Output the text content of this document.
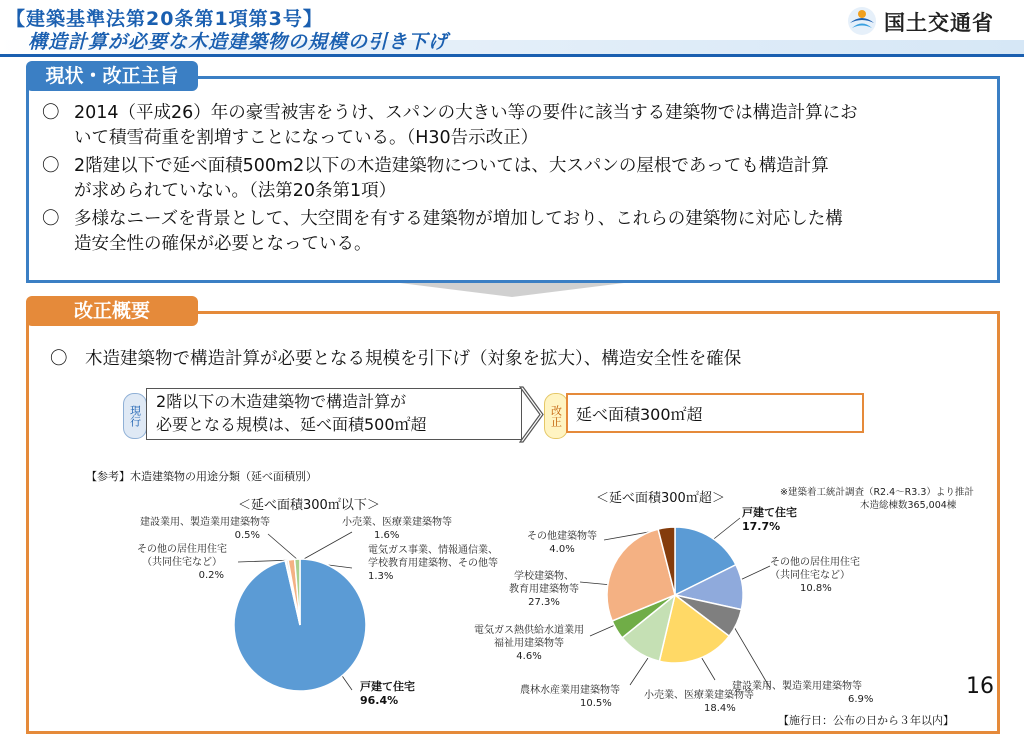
【建築基準法第20条第1項第3号】
構造計算が必要な木造建築物の規模の引き下げ
国土交通省
現状・改正主旨
〇 2014（平成26）年の豪雪被害をうけ、スパンの大きい等の要件に該当する建築物では構造計算にお
いて積雪荷重を割増すことになっている。（H30告示改正）
〇 2階建以下で延べ面積500m2以下の木造建築物については、大スパンの屋根であっても構造計算
が求められていない。（法第20条第1項）
〇 多様なニーズを背景として、大空間を有する建築物が増加しており、これらの建築物に対応した構
造安全性の確保が必要となっている。
改正概要
〇　木造建築物で構造計算が必要となる規模を引下げ（対象を拡大）、構造安全性を確保
現行
2階以下の木造建築物で構造計算が
必要となる規模は、延べ面積500㎡超	改正 延べ面積300㎡超
【参考】木造建築物の用途分類（延べ面積別）
＜延べ面積300㎡以下＞	＜延べ面積300㎡超＞	※建築着工統計調査（R2.4～R3.3）より推計
木造総棟数365,004棟
建設業用、製造業用建築物等
0.5%
その他の居住用住宅
（共同住宅など）
0.2%
小売業、医療業建築物等
1.6%
電気ガス事業、情報通信業、
学校教育用建築物、その他等
1.3%
戸建て住宅
96.4%
戸建て住宅
17.7%
その他の居住用住宅
（共同住宅など）
10.8%
建設業用、製造業用建築物等
6.9%
小売業、医療業建築物等
18.4%
農林水産業用建築物等
10.5%
電気ガス熱供給水道業用
福祉用建築物等
4.6%
学校建築物、
教育用建築物等
27.3%
その他建築物等
4.0%
【施行日：公布の日から３年以内】
16
